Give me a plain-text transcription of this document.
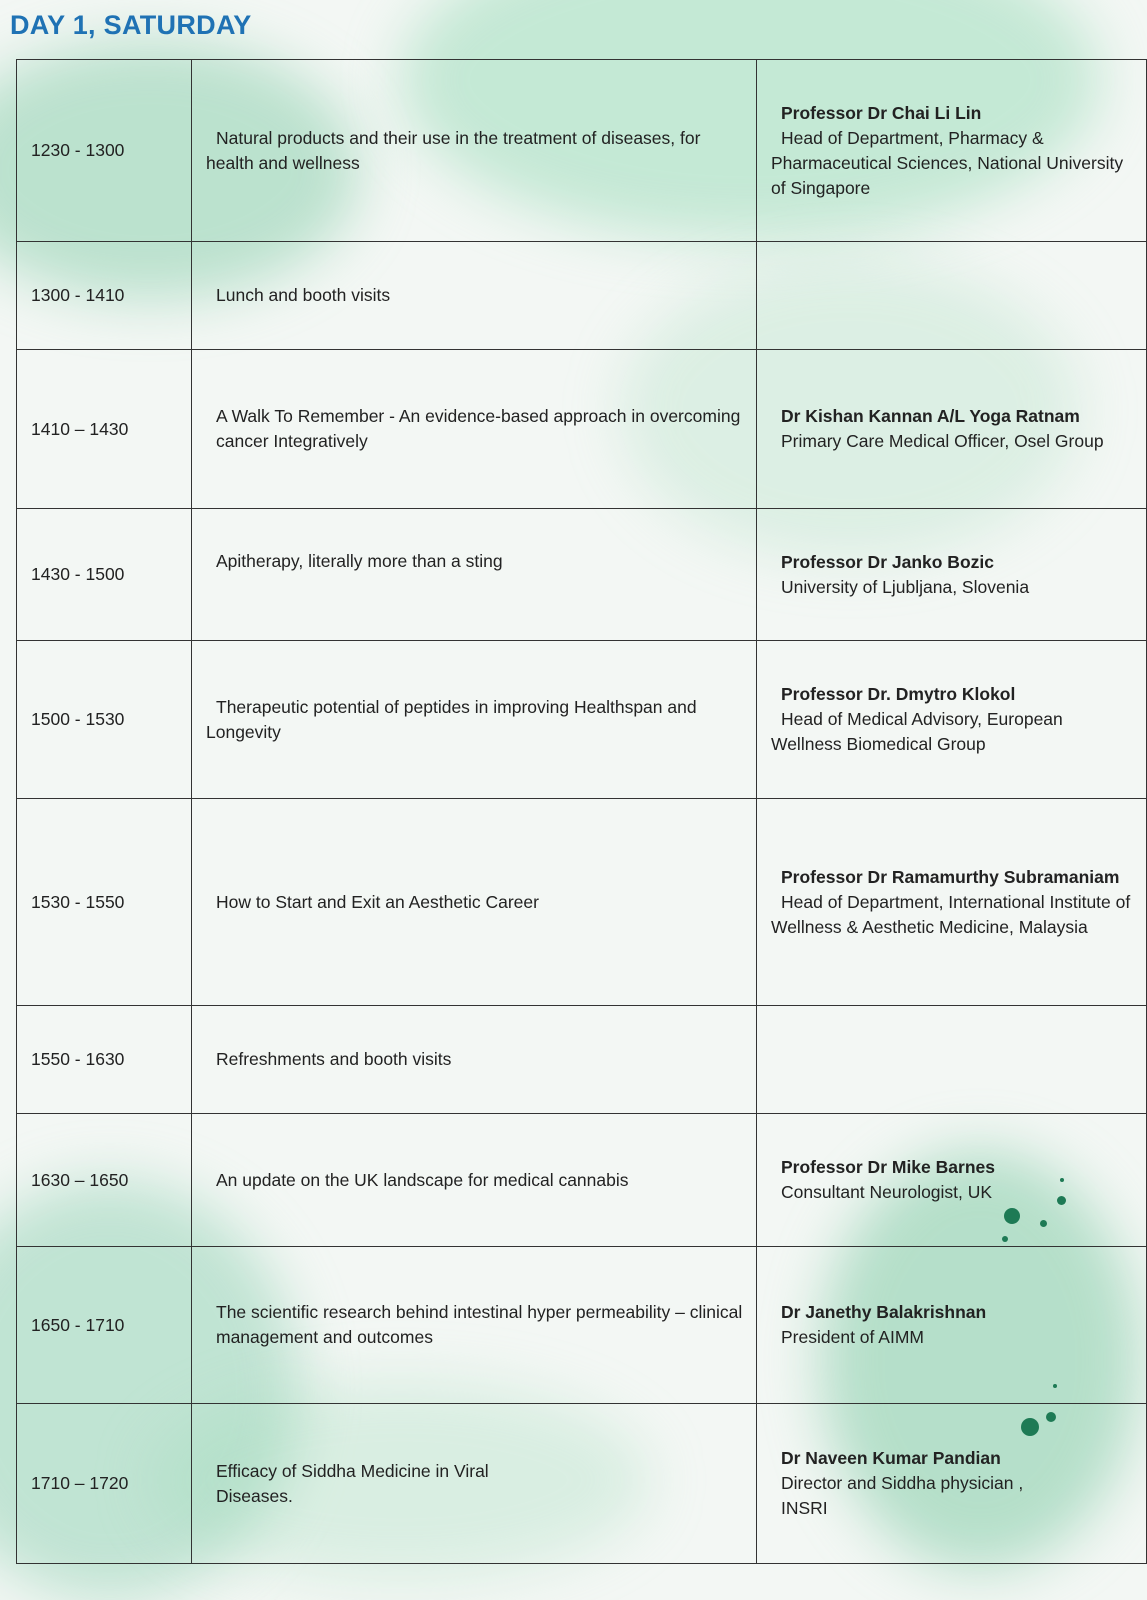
DAY 1, SATURDAY
1230 - 1300	Natural products and their use in the treatment of diseases, for health and wellness	Professor Dr Chai Li Lin
Head of Department, Pharmacy & Pharmaceutical Sciences, National University of Singapore

1300 - 1410	Lunch and booth visits	

1410 – 1430	A Walk To Remember - An evidence-based approach in overcoming cancer Integratively	Dr Kishan Kannan A/L Yoga Ratnam
Primary Care Medical Officer, Osel Group

1430 - 1500	Apitherapy, literally more than a sting	Professor Dr Janko Bozic
University of Ljubljana, Slovenia

1500 - 1530	Therapeutic potential of peptides in improving Healthspan and Longevity	Professor Dr. Dmytro Klokol
Head of Medical Advisory, European Wellness Biomedical Group

1530 - 1550	How to Start and Exit an Aesthetic Career	Professor Dr Ramamurthy Subramaniam
Head of Department, International Institute of Wellness & Aesthetic Medicine, Malaysia

1550 - 1630	Refreshments and booth visits	

1630 – 1650	An update on the UK landscape for medical cannabis	Professor Dr Mike Barnes
Consultant Neurologist, UK

1650 - 1710	The scientific research behind intestinal hyper permeability – clinical management and outcomes	Dr Janethy Balakrishnan
President of AIMM

1710 – 1720	Efficacy of Siddha Medicine in Viral Diseases.	Dr Naveen Kumar Pandian
Director and Siddha physician , INSRI
